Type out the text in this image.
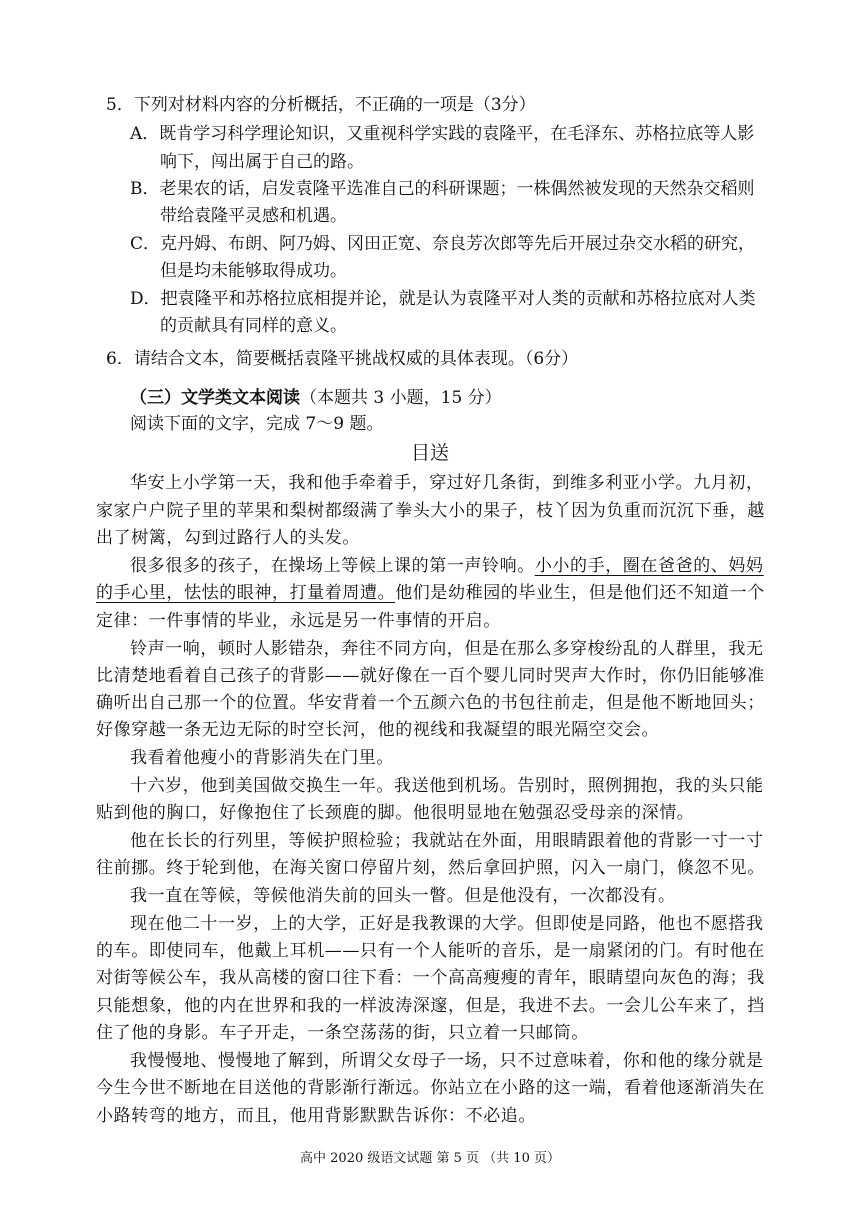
5．下列对材料内容的分析概括，不正确的一项是（3分）
A．既肯学习科学理论知识，又重视科学实践的袁隆平，在毛泽东、苏格拉底等人影
响下，闯出属于自己的路。
B．老果农的话，启发袁隆平选准自己的科研课题；一株偶然被发现的天然杂交稻则
带给袁隆平灵感和机遇。
C．克丹姆、布朗、阿乃姆、冈田正宽、奈良芳次郎等先后开展过杂交水稻的研究，
但是均未能够取得成功。
D．把袁隆平和苏格拉底相提并论，就是认为袁隆平对人类的贡献和苏格拉底对人类
的贡献具有同样的意义。
6．请结合文本，简要概括袁隆平挑战权威的具体表现。（6分）
（三）文学类文本阅读（本题共 3 小题，15 分）
阅读下面的文字，完成 7～9 题。
目送
华安上小学第一天，我和他手牵着手，穿过好几条街，到维多利亚小学。九月初，
家家户户院子里的苹果和梨树都缀满了拳头大小的果子，枝丫因为负重而沉沉下垂，越
出了树篱，勾到过路行人的头发。
很多很多的孩子，在操场上等候上课的第一声铃响。小小的手，圈在爸爸的、妈妈
的手心里，怯怯的眼神，打量着周遭。他们是幼稚园的毕业生，但是他们还不知道一个
定律：一件事情的毕业，永远是另一件事情的开启。
铃声一响，顿时人影错杂，奔往不同方向，但是在那么多穿梭纷乱的人群里，我无
比清楚地看着自己孩子的背影——就好像在一百个婴儿同时哭声大作时，你仍旧能够准
确听出自己那一个的位置。华安背着一个五颜六色的书包往前走，但是他不断地回头；
好像穿越一条无边无际的时空长河，他的视线和我凝望的眼光隔空交会。
我看着他瘦小的背影消失在门里。
十六岁，他到美国做交换生一年。我送他到机场。告别时，照例拥抱，我的头只能
贴到他的胸口，好像抱住了长颈鹿的脚。他很明显地在勉强忍受母亲的深情。
他在长长的行列里，等候护照检验；我就站在外面，用眼睛跟着他的背影一寸一寸
往前挪。终于轮到他，在海关窗口停留片刻，然后拿回护照，闪入一扇门，倏忽不见。
我一直在等候，等候他消失前的回头一瞥。但是他没有，一次都没有。
现在他二十一岁，上的大学，正好是我教课的大学。但即使是同路，他也不愿搭我
的车。即使同车，他戴上耳机——只有一个人能听的音乐，是一扇紧闭的门。有时他在
对街等候公车，我从高楼的窗口往下看：一个高高瘦瘦的青年，眼睛望向灰色的海；我
只能想象，他的内在世界和我的一样波涛深邃，但是，我进不去。一会儿公车来了，挡
住了他的身影。车子开走，一条空荡荡的街，只立着一只邮筒。
我慢慢地、慢慢地了解到，所谓父女母子一场，只不过意味着，你和他的缘分就是
今生今世不断地在目送他的背影渐行渐远。你站立在小路的这一端，看着他逐渐消失在
小路转弯的地方，而且，他用背影默默告诉你：不必追。
高中 2020 级语文试题 第 5 页 （共 10 页）
